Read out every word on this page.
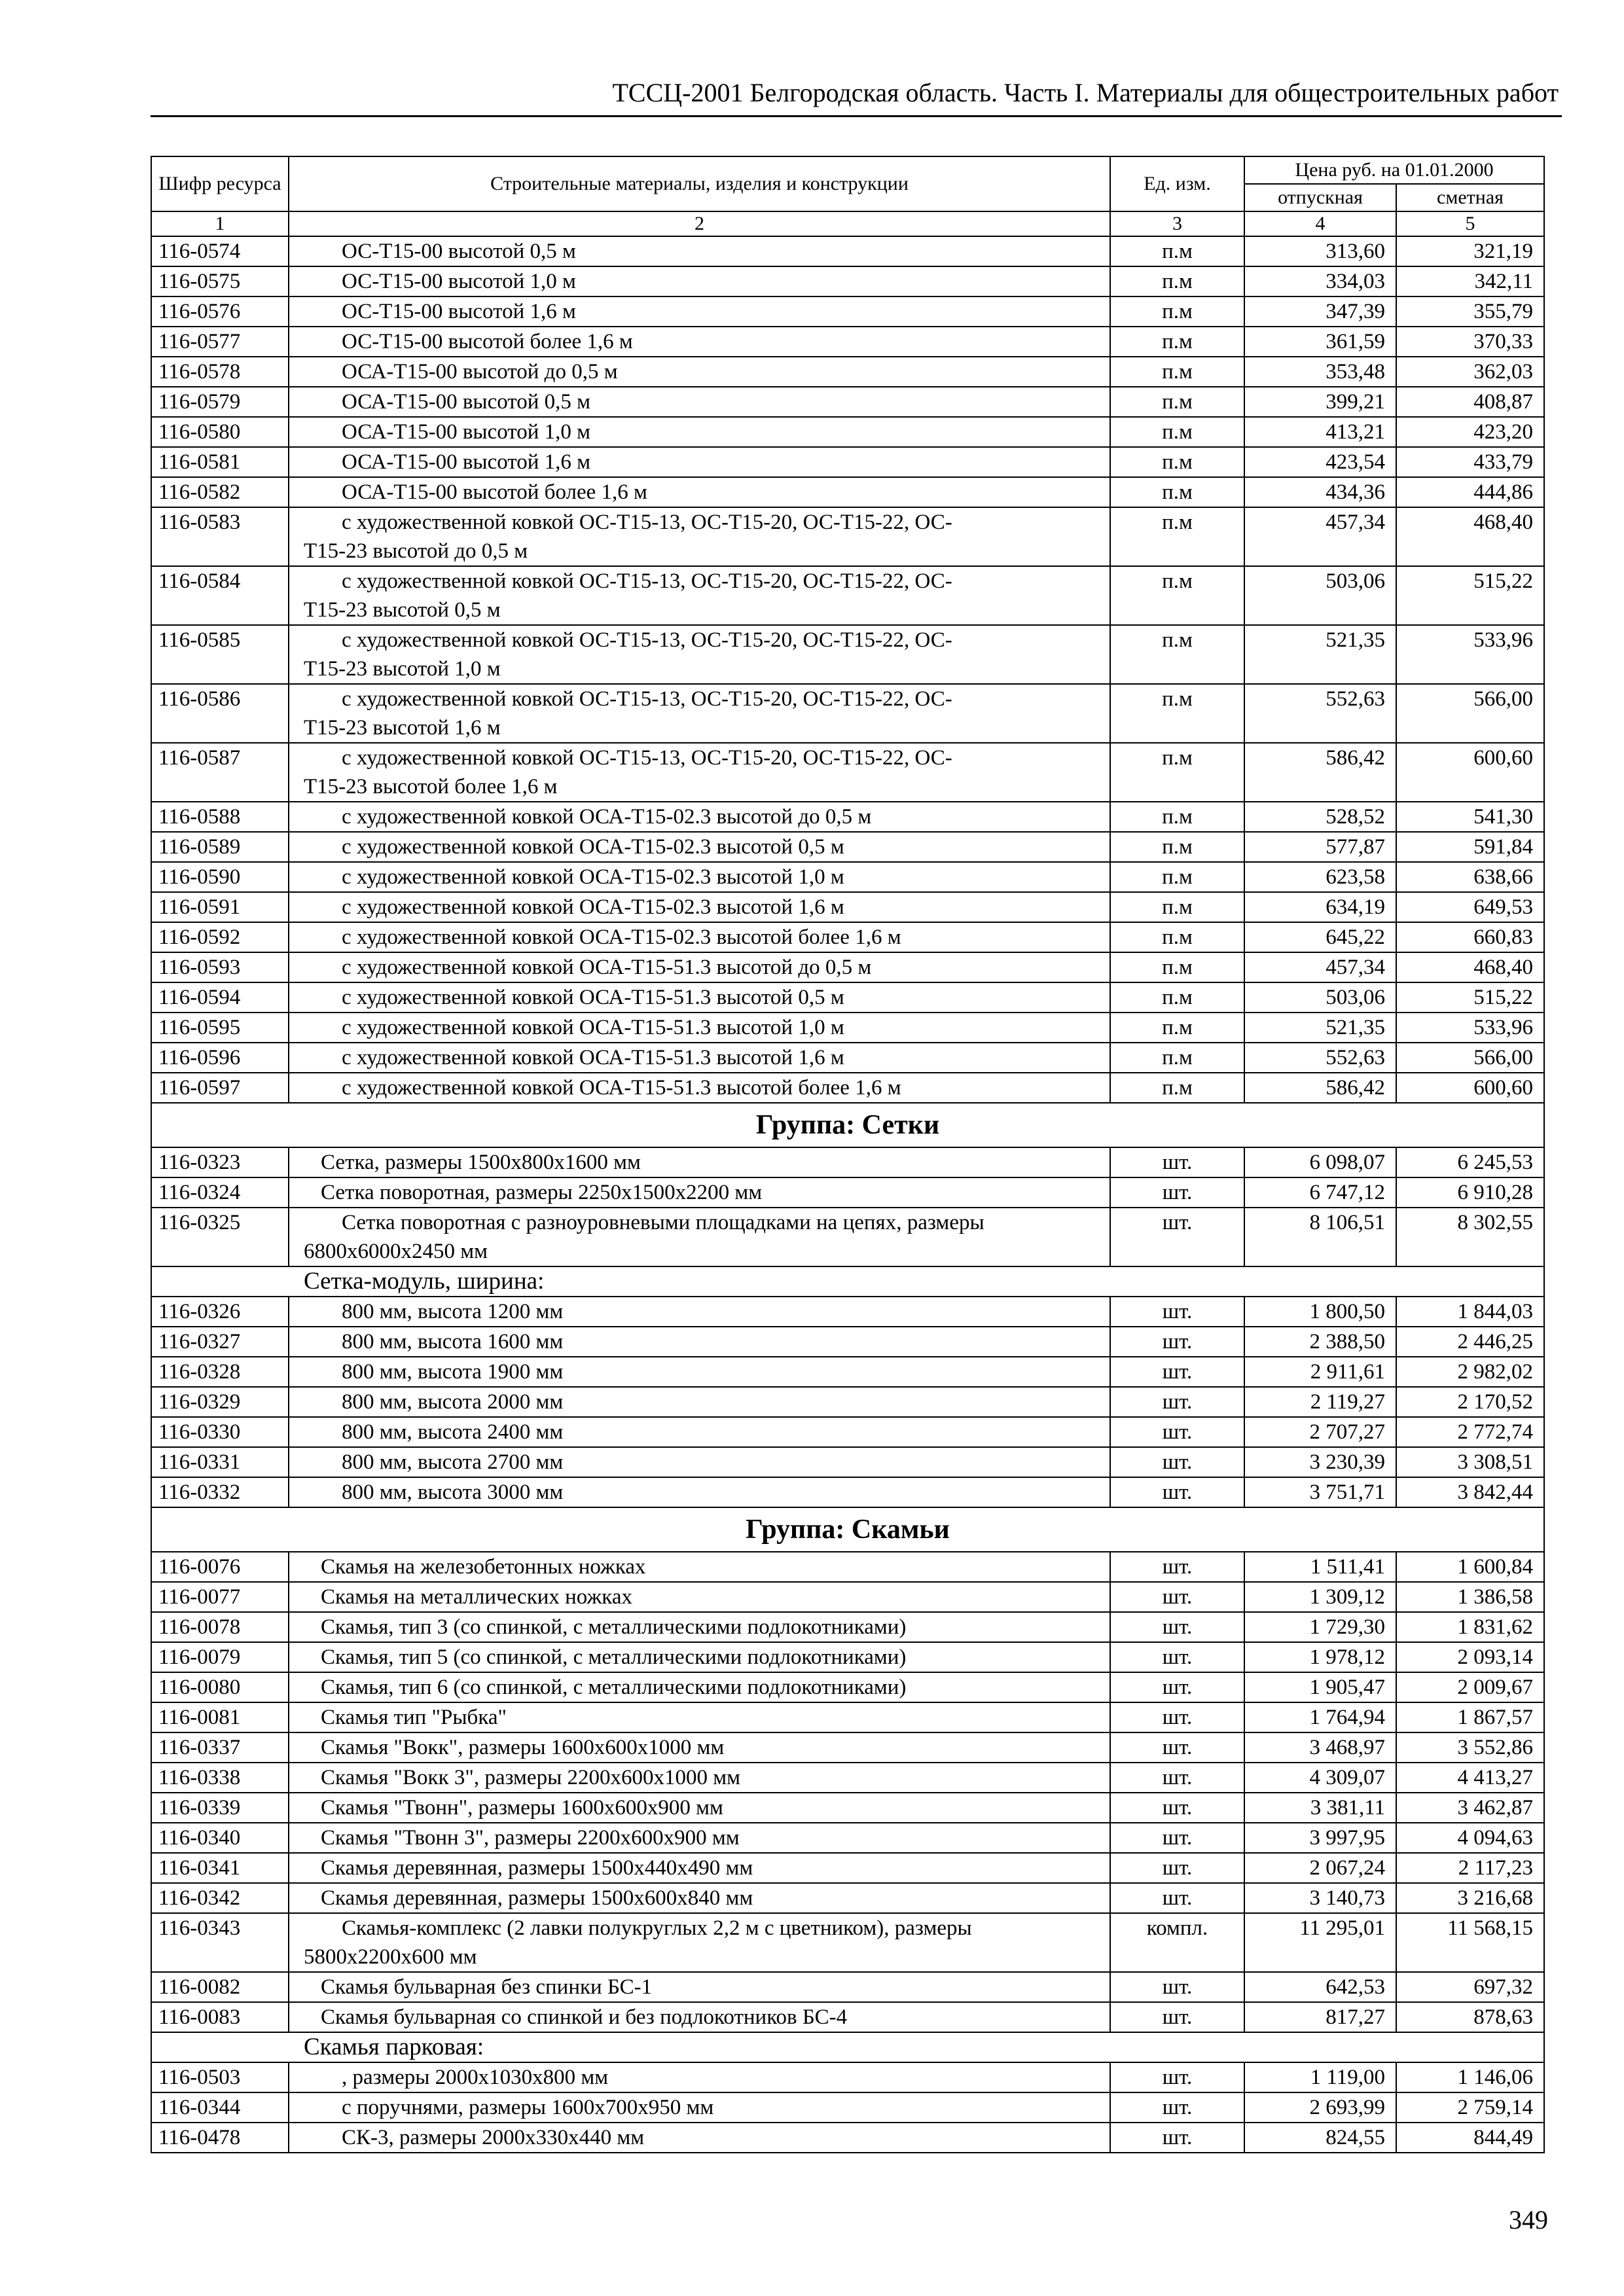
ТССЦ-2001 Белгородская область. Часть I. Материалы для общестроительных работ
Шифр ресурса	Строительные материалы, изделия и конструкции	Ед. изм.	Цена руб. на 01.01.2000	
			отпускная	сметная
1	2	3	4	5
116-0574	ОС-Т15-00 высотой 0,5 м	п.м	313,60	321,19
116-0575	ОС-Т15-00 высотой 1,0 м	п.м	334,03	342,11
116-0576	ОС-Т15-00 высотой 1,6 м	п.м	347,39	355,79
116-0577	ОС-Т15-00 высотой более 1,6 м	п.м	361,59	370,33
116-0578	ОСА-Т15-00 высотой до 0,5 м	п.м	353,48	362,03
116-0579	ОСА-Т15-00 высотой 0,5 м	п.м	399,21	408,87
116-0580	ОСА-Т15-00 высотой 1,0 м	п.м	413,21	423,20
116-0581	ОСА-Т15-00 высотой 1,6 м	п.м	423,54	433,79
116-0582	ОСА-Т15-00 высотой более 1,6 м	п.м	434,36	444,86
116-0583	с художественной ковкой ОС-Т15-13, ОС-Т15-20, ОС-Т15-22, ОС-
Т15-23 высотой до 0,5 м	п.м	457,34	468,40
116-0584	с художественной ковкой ОС-Т15-13, ОС-Т15-20, ОС-Т15-22, ОС-
Т15-23 высотой 0,5 м	п.м	503,06	515,22
116-0585	с художественной ковкой ОС-Т15-13, ОС-Т15-20, ОС-Т15-22, ОС-
Т15-23 высотой 1,0 м	п.м	521,35	533,96
116-0586	с художественной ковкой ОС-Т15-13, ОС-Т15-20, ОС-Т15-22, ОС-
Т15-23 высотой 1,6 м	п.м	552,63	566,00
116-0587	с художественной ковкой ОС-Т15-13, ОС-Т15-20, ОС-Т15-22, ОС-
Т15-23 высотой более 1,6 м	п.м	586,42	600,60
116-0588	с художественной ковкой ОСА-Т15-02.3 высотой до 0,5 м	п.м	528,52	541,30
116-0589	с художественной ковкой ОСА-Т15-02.3 высотой 0,5 м	п.м	577,87	591,84
116-0590	с художественной ковкой ОСА-Т15-02.3 высотой 1,0 м	п.м	623,58	638,66
116-0591	с художественной ковкой ОСА-Т15-02.3 высотой 1,6 м	п.м	634,19	649,53
116-0592	с художественной ковкой ОСА-Т15-02.3 высотой более 1,6 м	п.м	645,22	660,83
116-0593	с художественной ковкой ОСА-Т15-51.3 высотой до 0,5 м	п.м	457,34	468,40
116-0594	с художественной ковкой ОСА-Т15-51.3 высотой 0,5 м	п.м	503,06	515,22
116-0595	с художественной ковкой ОСА-Т15-51.3 высотой 1,0 м	п.м	521,35	533,96
116-0596	с художественной ковкой ОСА-Т15-51.3 высотой 1,6 м	п.м	552,63	566,00
116-0597	с художественной ковкой ОСА-Т15-51.3 высотой более 1,6 м	п.м	586,42	600,60
Группа: Сетки				
116-0323	Сетка, размеры 1500х800х1600 мм	шт.	6 098,07	6 245,53
116-0324	Сетка поворотная, размеры 2250х1500х2200 мм	шт.	6 747,12	6 910,28
116-0325	Сетка поворотная с разноуровневыми площадками на цепях, размеры
6800х6000х2450 мм	шт.	8 106,51	8 302,55
Сетка-модуль, ширина:				
116-0326	800 мм, высота 1200 мм	шт.	1 800,50	1 844,03
116-0327	800 мм, высота 1600 мм	шт.	2 388,50	2 446,25
116-0328	800 мм, высота 1900 мм	шт.	2 911,61	2 982,02
116-0329	800 мм, высота 2000 мм	шт.	2 119,27	2 170,52
116-0330	800 мм, высота 2400 мм	шт.	2 707,27	2 772,74
116-0331	800 мм, высота 2700 мм	шт.	3 230,39	3 308,51
116-0332	800 мм, высота 3000 мм	шт.	3 751,71	3 842,44
Группа: Скамьи				
116-0076	Скамья на железобетонных ножках	шт.	1 511,41	1 600,84
116-0077	Скамья на металлических ножках	шт.	1 309,12	1 386,58
116-0078	Скамья, тип 3 (со спинкой, с металлическими подлокотниками)	шт.	1 729,30	1 831,62
116-0079	Скамья, тип 5 (со спинкой, с металлическими подлокотниками)	шт.	1 978,12	2 093,14
116-0080	Скамья, тип 6 (со спинкой, с металлическими подлокотниками)	шт.	1 905,47	2 009,67
116-0081	Скамья тип "Рыбка"	шт.	1 764,94	1 867,57
116-0337	Скамья "Вокк", размеры 1600х600х1000 мм	шт.	3 468,97	3 552,86
116-0338	Скамья "Вокк 3", размеры 2200х600х1000 мм	шт.	4 309,07	4 413,27
116-0339	Скамья "Твонн", размеры 1600х600х900 мм	шт.	3 381,11	3 462,87
116-0340	Скамья "Твонн 3", размеры 2200х600х900 мм	шт.	3 997,95	4 094,63
116-0341	Скамья деревянная, размеры 1500х440х490 мм	шт.	2 067,24	2 117,23
116-0342	Скамья деревянная, размеры 1500х600х840 мм	шт.	3 140,73	3 216,68
116-0343	Скамья-комплекс (2 лавки полукруглых 2,2 м с цветником), размеры
5800х2200х600 мм	компл.	11 295,01	11 568,15
116-0082	Скамья бульварная без спинки БС-1	шт.	642,53	697,32
116-0083	Скамья бульварная со спинкой и без подлокотников БС-4	шт.	817,27	878,63
Скамья парковая:				
116-0503	, размеры 2000х1030х800 мм	шт.	1 119,00	1 146,06
116-0344	с поручнями, размеры 1600х700х950 мм	шт.	2 693,99	2 759,14
116-0478	СК-3, размеры 2000х330х440 мм	шт.	824,55	844,49
349
